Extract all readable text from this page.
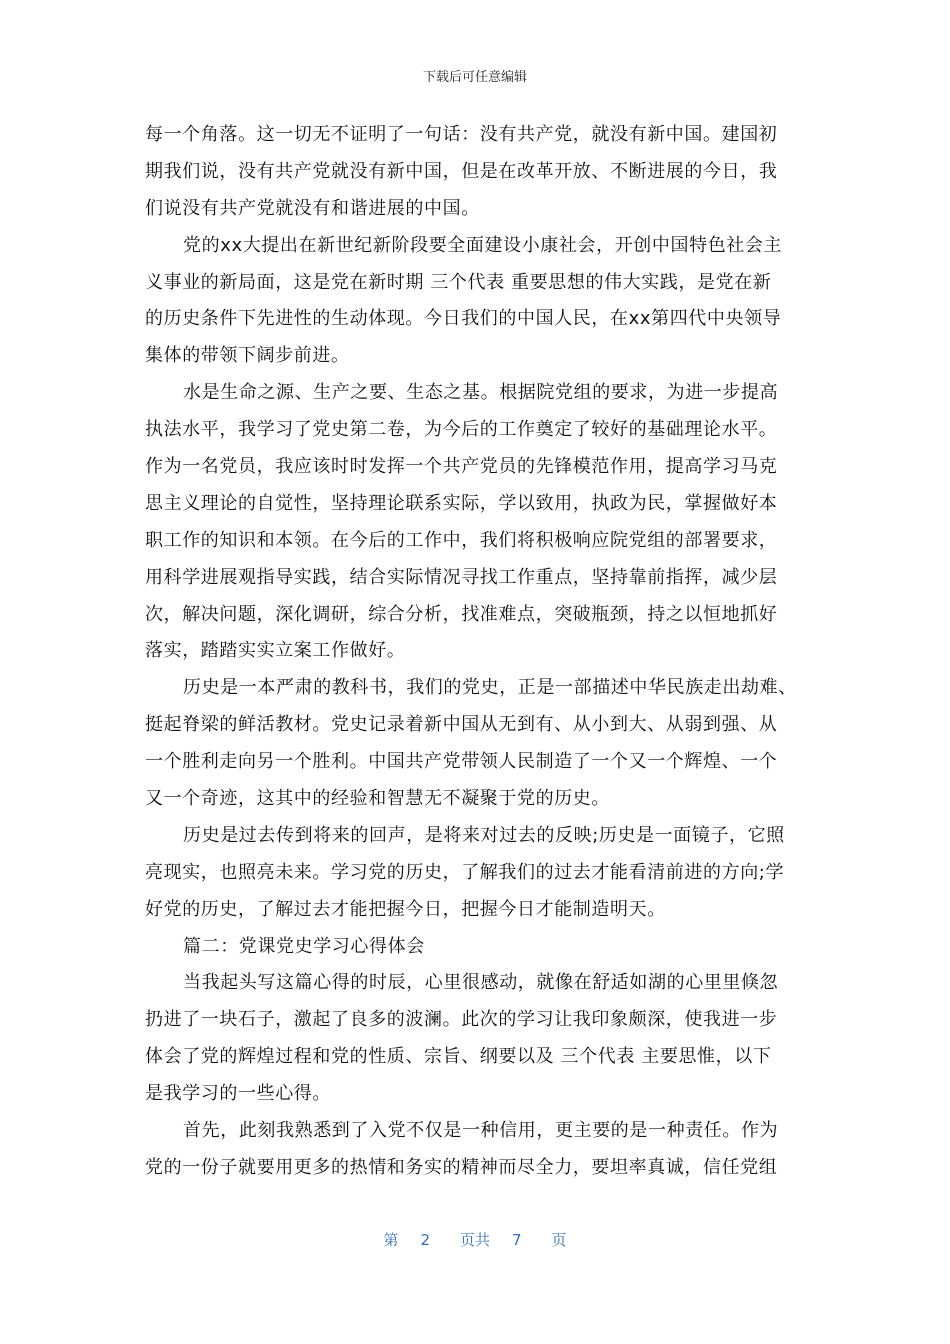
下载后可任意编辑
每一个角落。这一切无不证明了一句话：没有共产党，就没有新中国。建国初
期我们说，没有共产党就没有新中国，但是在改革开放、不断进展的今日，我
们说没有共产党就没有和谐进展的中国。
党的xx大提出在新世纪新阶段要全面建设小康社会，开创中国特色社会主
义事业的新局面，这是党在新时期 三个代表 重要思想的伟大实践，是党在新
的历史条件下先进性的生动体现。今日我们的中国人民，在xx第四代中央领导
集体的带领下阔步前进。
水是生命之源、生产之要、生态之基。根据院党组的要求，为进一步提高
执法水平，我学习了党史第二卷，为今后的工作奠定了较好的基础理论水平。
作为一名党员，我应该时时发挥一个共产党员的先锋模范作用，提高学习马克
思主义理论的自觉性，坚持理论联系实际，学以致用，执政为民，掌握做好本
职工作的知识和本领。在今后的工作中，我们将积极响应院党组的部署要求，
用科学进展观指导实践，结合实际情况寻找工作重点，坚持靠前指挥，减少层
次，解决问题，深化调研，综合分析，找准难点，突破瓶颈，持之以恒地抓好
落实，踏踏实实立案工作做好。
历史是一本严肃的教科书，我们的党史，正是一部描述中华民族走出劫难、
挺起脊梁的鲜活教材。党史记录着新中国从无到有、从小到大、从弱到强、从
一个胜利走向另一个胜利。中国共产党带领人民制造了一个又一个辉煌、一个
又一个奇迹，这其中的经验和智慧无不凝聚于党的历史。
历史是过去传到将来的回声，是将来对过去的反映;历史是一面镜子，它照
亮现实，也照亮未来。学习党的历史，了解我们的过去才能看清前进的方向;学
好党的历史，了解过去才能把握今日，把握今日才能制造明天。
篇二：党课党史学习心得体会
当我起头写这篇心得的时辰，心里很感动，就像在舒适如湖的心里里倏忽
扔进了一块石子，激起了良多的波澜。此次的学习让我印象颇深，使我进一步
体会了党的辉煌过程和党的性质、宗旨、纲要以及 三个代表 主要思惟，以下
是我学习的一些心得。
首先，此刻我熟悉到了入党不仅是一种信用，更主要的是一种责任。作为
党的一份子就要用更多的热情和务实的精神而尽全力，要坦率真诚，信任党组
第 2 页共 7 页
